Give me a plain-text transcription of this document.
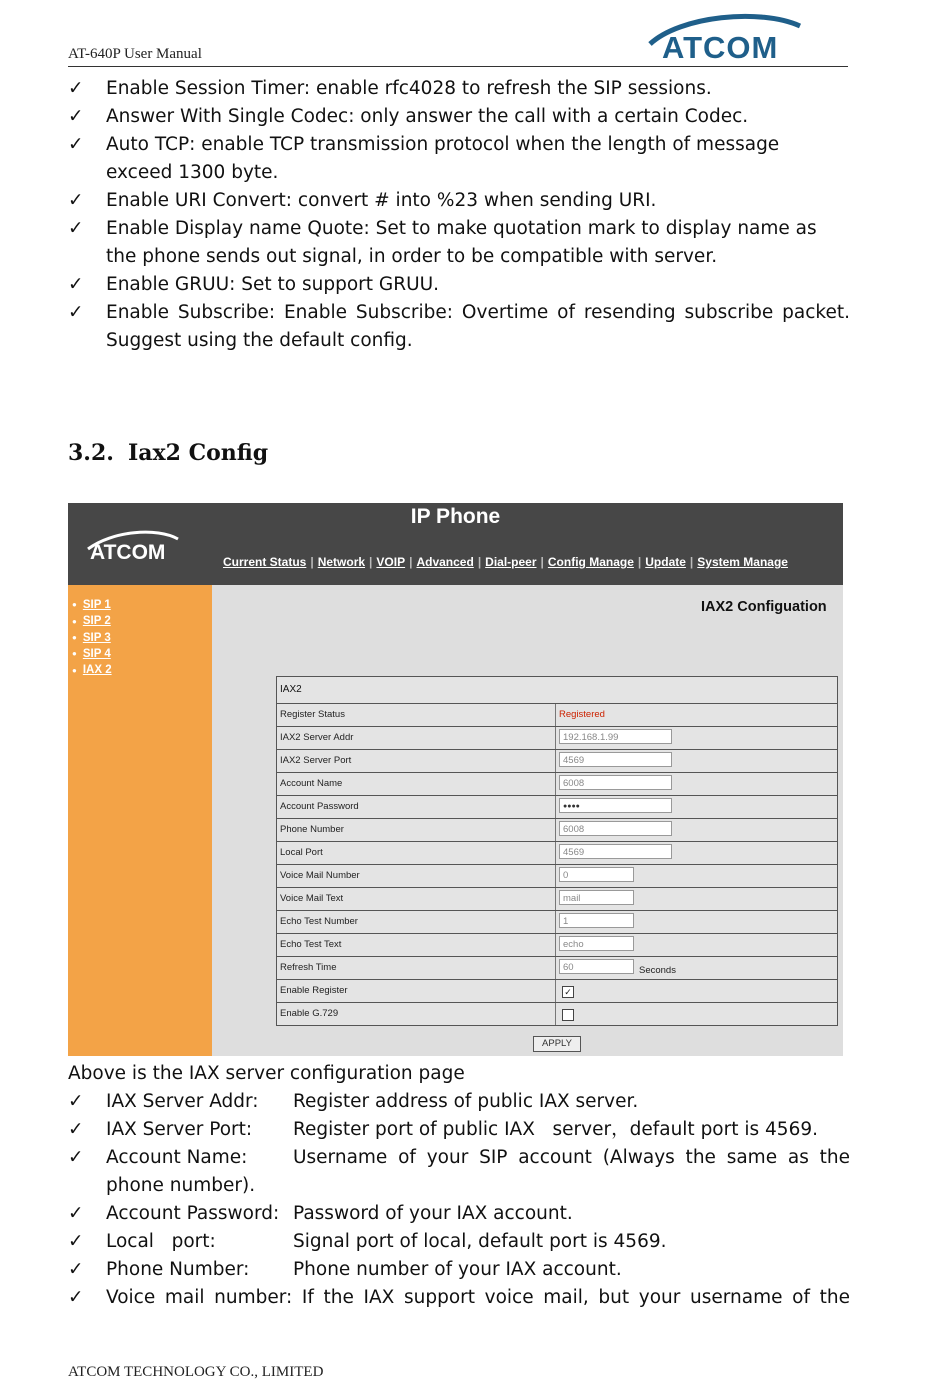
AT-640P User Manual	ATCOM
✓ Enable Session Timer: enable rfc4028 to refresh the SIP sessions.
✓ Answer With Single Codec: only answer the call with a certain Codec.
✓ Auto TCP: enable TCP transmission protocol when the length of message exceed 1300 byte.
✓ Enable URI Convert: convert # into %23 when sending URI.
✓ Enable Display name Quote: Set to make quotation mark to display name as the phone sends out signal, in order to be compatible with server.
✓ Enable GRUU: Set to support GRUU.
✓ Enable Subscribe: Enable Subscribe: Overtime of resending subscribe packet. Suggest using the default config.
3.2. Iax2 Config
IP Phone
ATCOM	Current Status | Network | VOIP | Advanced | Dial-peer | Config Manage | Update | System Manage
● SIP 1
● SIP 2
● SIP 3
● SIP 4
● IAX 2
IAX2 Configuation
IAX2
Register Status	Registered
IAX2 Server Addr	192.168.1.99
IAX2 Server Port	4569
Account Name	6008
Account Password	●●●●
Phone Number	6008
Local Port	4569
Voice Mail Number	0
Voice Mail Text	mail
Echo Test Number	1
Echo Test Text	echo
Refresh Time	60	Seconds
Enable Register	✓
Enable G.729
APPLY
Above is the IAX server configuration page
✓ IAX Server Addr: Register address of public IAX server.
✓ IAX Server Port: Register port of public IAX   server，default port is 4569.
✓ Account Name: Username of your SIP account (Always the same as the
phone number).
✓ Account Password: Password of your IAX account.
✓ Local   port:	Signal port of local, default port is 4569.
✓ Phone Number: Phone number of your IAX account.
✓ Voice mail number: If the IAX support voice mail, but your username of the
ATCOM TECHNOLOGY CO., LIMITED
